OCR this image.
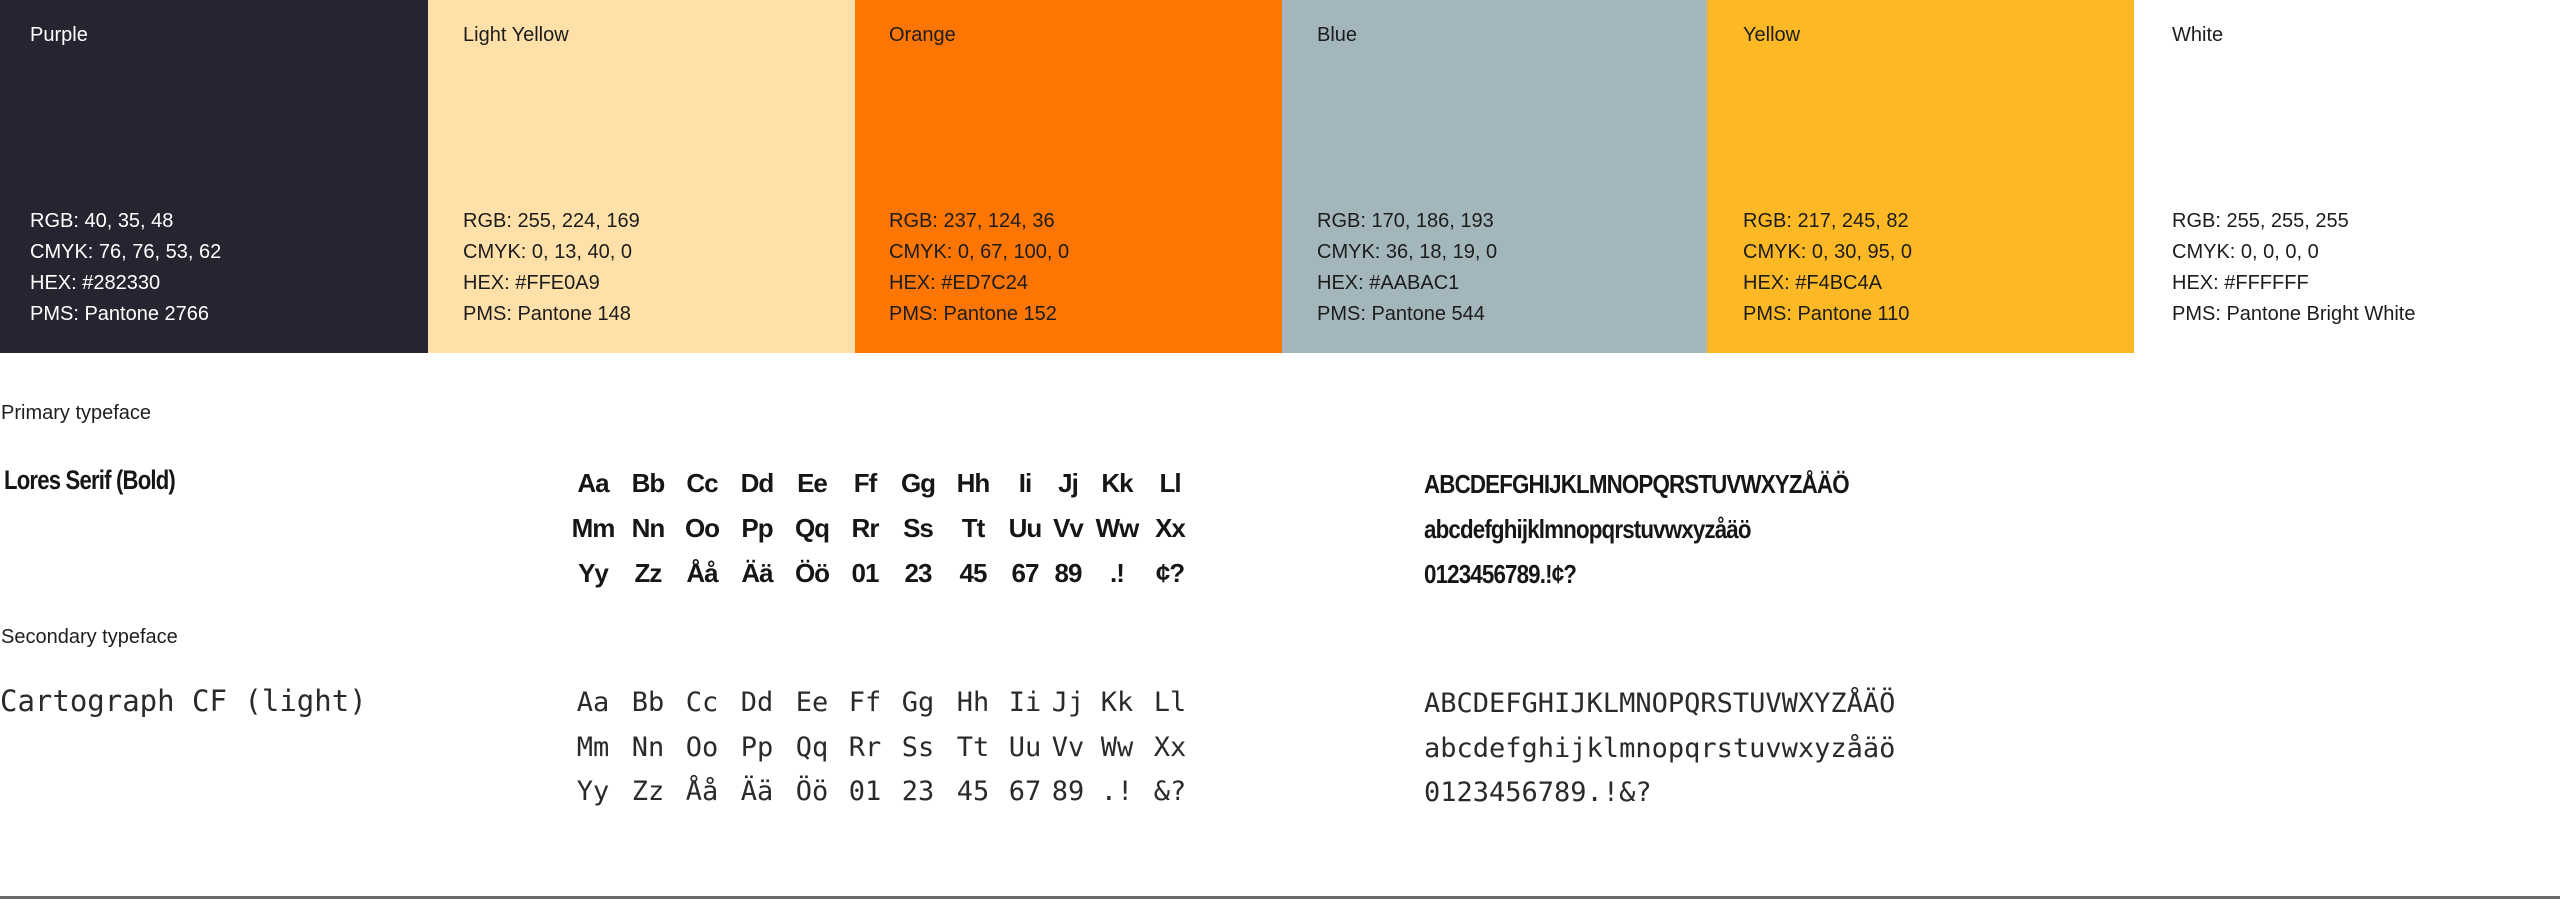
Purple
RGB: 40, 35, 48
CMYK: 76, 76, 53, 62
HEX: #282330
PMS: Pantone 2766
Light Yellow
RGB: 255, 224, 169
CMYK: 0, 13, 40, 0
HEX: #FFE0A9
PMS: Pantone 148
Orange
RGB: 237, 124, 36
CMYK: 0, 67, 100, 0
HEX: #ED7C24
PMS: Pantone 152
Blue
RGB: 170, 186, 193
CMYK: 36, 18, 19, 0
HEX: #AABAC1
PMS: Pantone 544
Yellow
RGB: 217, 245, 82
CMYK: 0, 30, 95, 0
HEX: #F4BC4A
PMS: Pantone 110
White
RGB: 255, 255, 255
CMYK: 0, 0, 0, 0
HEX: #FFFFFF
PMS: Pantone Bright White
Primary typeface
Lores Serif (Bold)	Aa Bb Cc Dd Ee	Ff Gg Hh	Ii	Jj Kk	Ll
Mm Nn Oo Pp Qq Rr Ss	Tt Uu Vv Ww Xx
Yy	Zz Åå Ää Öö 01	23	45 67 89	.!	¢?
ABCDEFGHIJKLMNOPQRSTUVWXYZÅÄÖ
abcdefghijklmnopqrstuvwxyzåäö
0123456789.!¢?
Secondary typeface
Cartograph CF (light)	Aa Bb Cc Dd Ee Ff Gg Hh Ii Jj Kk Ll
Mm Nn Oo Pp Qq Rr Ss Tt Uu Vv Ww Xx
Yy Zz Åå Ää Öö 01 23 45 67 89 .! &?
ABCDEFGHIJKLMNOPQRSTUVWXYZÅÄÖ
abcdefghijklmnopqrstuvwxyzåäö
0123456789.!&?
